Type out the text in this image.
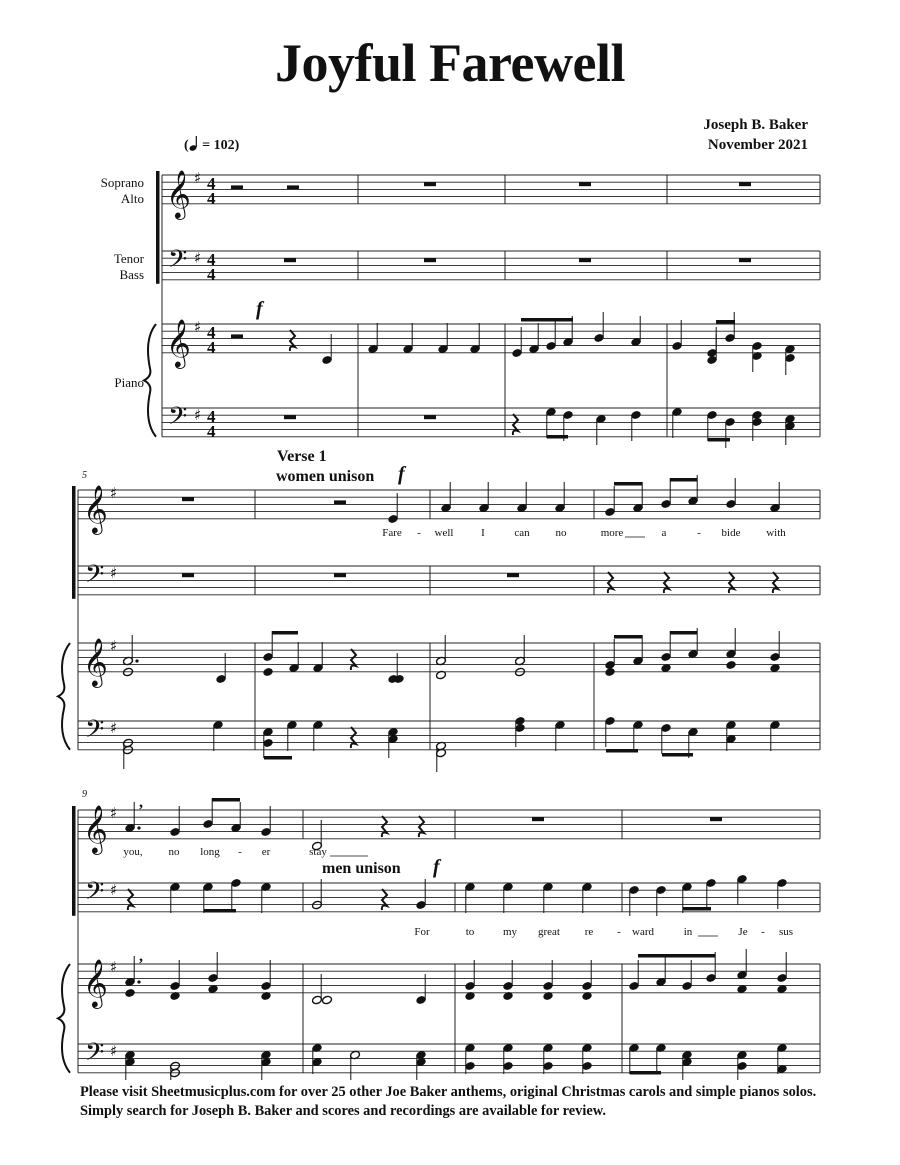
Joyful Farewell
Joseph B. Baker
November 2021
( = 102)
Soprano
Alto
Tenor
Bass
Piano
f
Verse 1
women unison f
men unison f
5
9
Fare - well	I	can no	more	a	- bide with
you, no long - er	stay
For	to	my great re - ward	in	Je - sus
𝄞 ♯ 4
4
𝄞 ♯ 4
4
𝄢 ♯ 4
4
𝄢 ♯ 4
4
𝄞 ♯
𝄞 ♯
𝄢 ♯
𝄢 ♯
𝄞 ♯
𝄞 ♯
𝄢 ♯
𝄢 ♯
,
,
Please visit Sheetmusicplus.com for over 25 other Joe Baker anthems, original Christmas carols and simple pianos solos. Simply search for Joseph B. Baker and scores and recordings are available for review.
